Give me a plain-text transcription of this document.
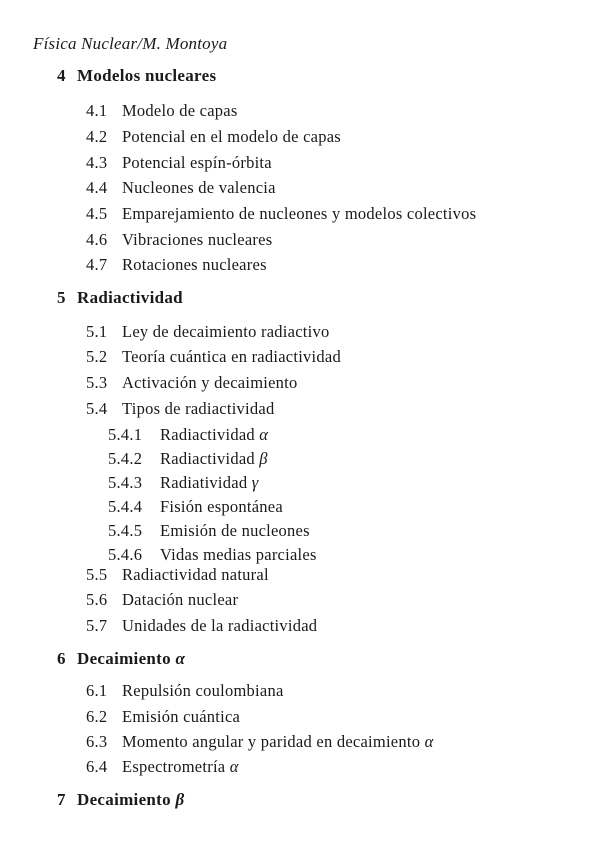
Física Nuclear/M. Montoya
4 Modelos nucleares
4.1 Modelo de capas
4.2 Potencial en el modelo de capas
4.3 Potencial espín-órbita
4.4 Nucleones de valencia
4.5 Emparejamiento de nucleones y modelos colectivos
4.6 Vibraciones nucleares
4.7 Rotaciones nucleares
5 Radiactividad
5.1 Ley de decaimiento radiactivo
5.2 Teoría cuántica en radiactividad
5.3 Activación y decaimiento
5.4 Tipos de radiactividad
5.4.1 Radiactividad α
5.4.2 Radiactividad β
5.4.3 Radiatividad γ
5.4.4 Fisión espontánea
5.4.5 Emisión de nucleones
5.4.6 Vidas medias parciales
5.5 Radiactividad natural
5.6 Datación nuclear
5.7 Unidades de la radiactividad
6 Decaimiento α
6.1 Repulsión coulombiana
6.2 Emisión cuántica
6.3 Momento angular y paridad en decaimiento α
6.4 Espectrometría α
7 Decaimiento β
